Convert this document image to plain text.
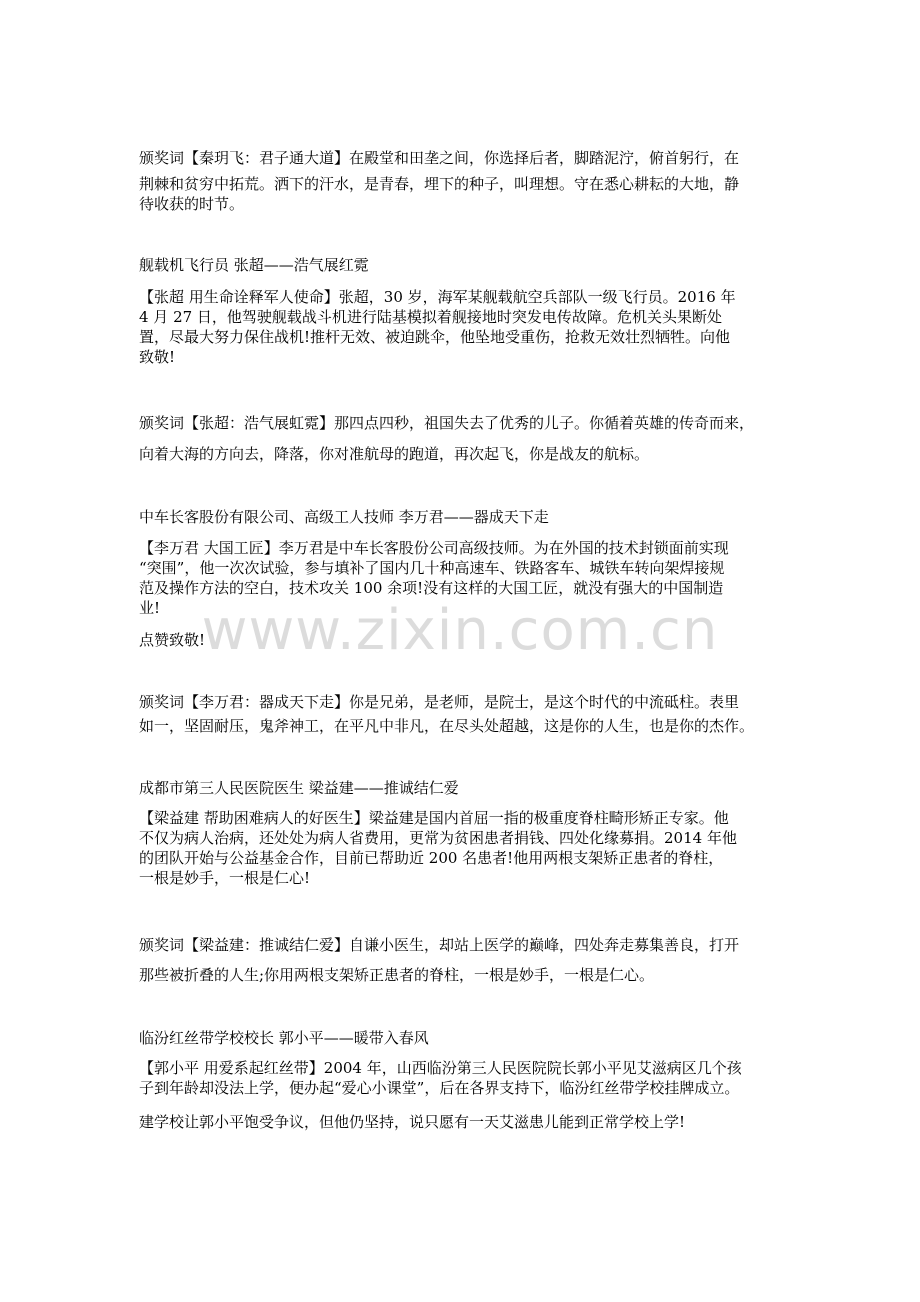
www.zixin.com.cn

颁奖词【秦玥飞：君子通大道】在殿堂和田垄之间，你选择后者，脚踏泥泞，俯首躬行，在

荆棘和贫穷中拓荒。洒下的汗水，是青春，埋下的种子，叫理想。守在悉心耕耘的大地，静

待收获的时节。

舰载机飞行员 张超——浩气展红霓

【张超 用生命诠释军人使命】张超，30 岁，海军某舰载航空兵部队一级飞行员。2016 年

4 月 27 日，他驾驶舰载战斗机进行陆基模拟着舰接地时突发电传故障。危机关头果断处

置，尽最大努力保住战机!推杆无效、被迫跳伞，他坠地受重伤，抢救无效壮烈牺牲。向他

致敬!

颁奖词【张超：浩气展虹霓】那四点四秒，祖国失去了优秀的儿子。你循着英雄的传奇而来，

向着大海的方向去，降落，你对准航母的跑道，再次起飞，你是战友的航标。

中车长客股份有限公司、高级工人技师 李万君——器成天下走

【李万君 大国工匠】李万君是中车长客股份公司高级技师。为在外国的技术封锁面前实现

“突围”，他一次次试验，参与填补了国内几十种高速车、铁路客车、城铁车转向架焊接规

范及操作方法的空白，技术攻关 100 余项!没有这样的大国工匠，就没有强大的中国制造

业!

点赞致敬!

颁奖词【李万君：器成天下走】你是兄弟，是老师，是院士，是这个时代的中流砥柱。表里

如一，坚固耐压，鬼斧神工，在平凡中非凡，在尽头处超越，这是你的人生，也是你的杰作。

成都市第三人民医院医生 梁益建——推诚结仁爱

【梁益建 帮助困难病人的好医生】梁益建是国内首屈一指的极重度脊柱畸形矫正专家。他

不仅为病人治病，还处处为病人省费用，更常为贫困患者捐钱、四处化缘募捐。2014 年他

的团队开始与公益基金合作，目前已帮助近 200 名患者!他用两根支架矫正患者的脊柱，

一根是妙手，一根是仁心!

颁奖词【梁益建：推诚结仁爱】自谦小医生，却站上医学的巅峰，四处奔走募集善良，打开

那些被折叠的人生;你用两根支架矫正患者的脊柱，一根是妙手，一根是仁心。

临汾红丝带学校校长 郭小平——暖带入春风

【郭小平 用爱系起红丝带】2004 年，山西临汾第三人民医院院长郭小平见艾滋病区几个孩

子到年龄却没法上学，便办起“爱心小课堂”，后在各界支持下，临汾红丝带学校挂牌成立。

建学校让郭小平饱受争议，但他仍坚持，说只愿有一天艾滋患儿能到正常学校上学!
